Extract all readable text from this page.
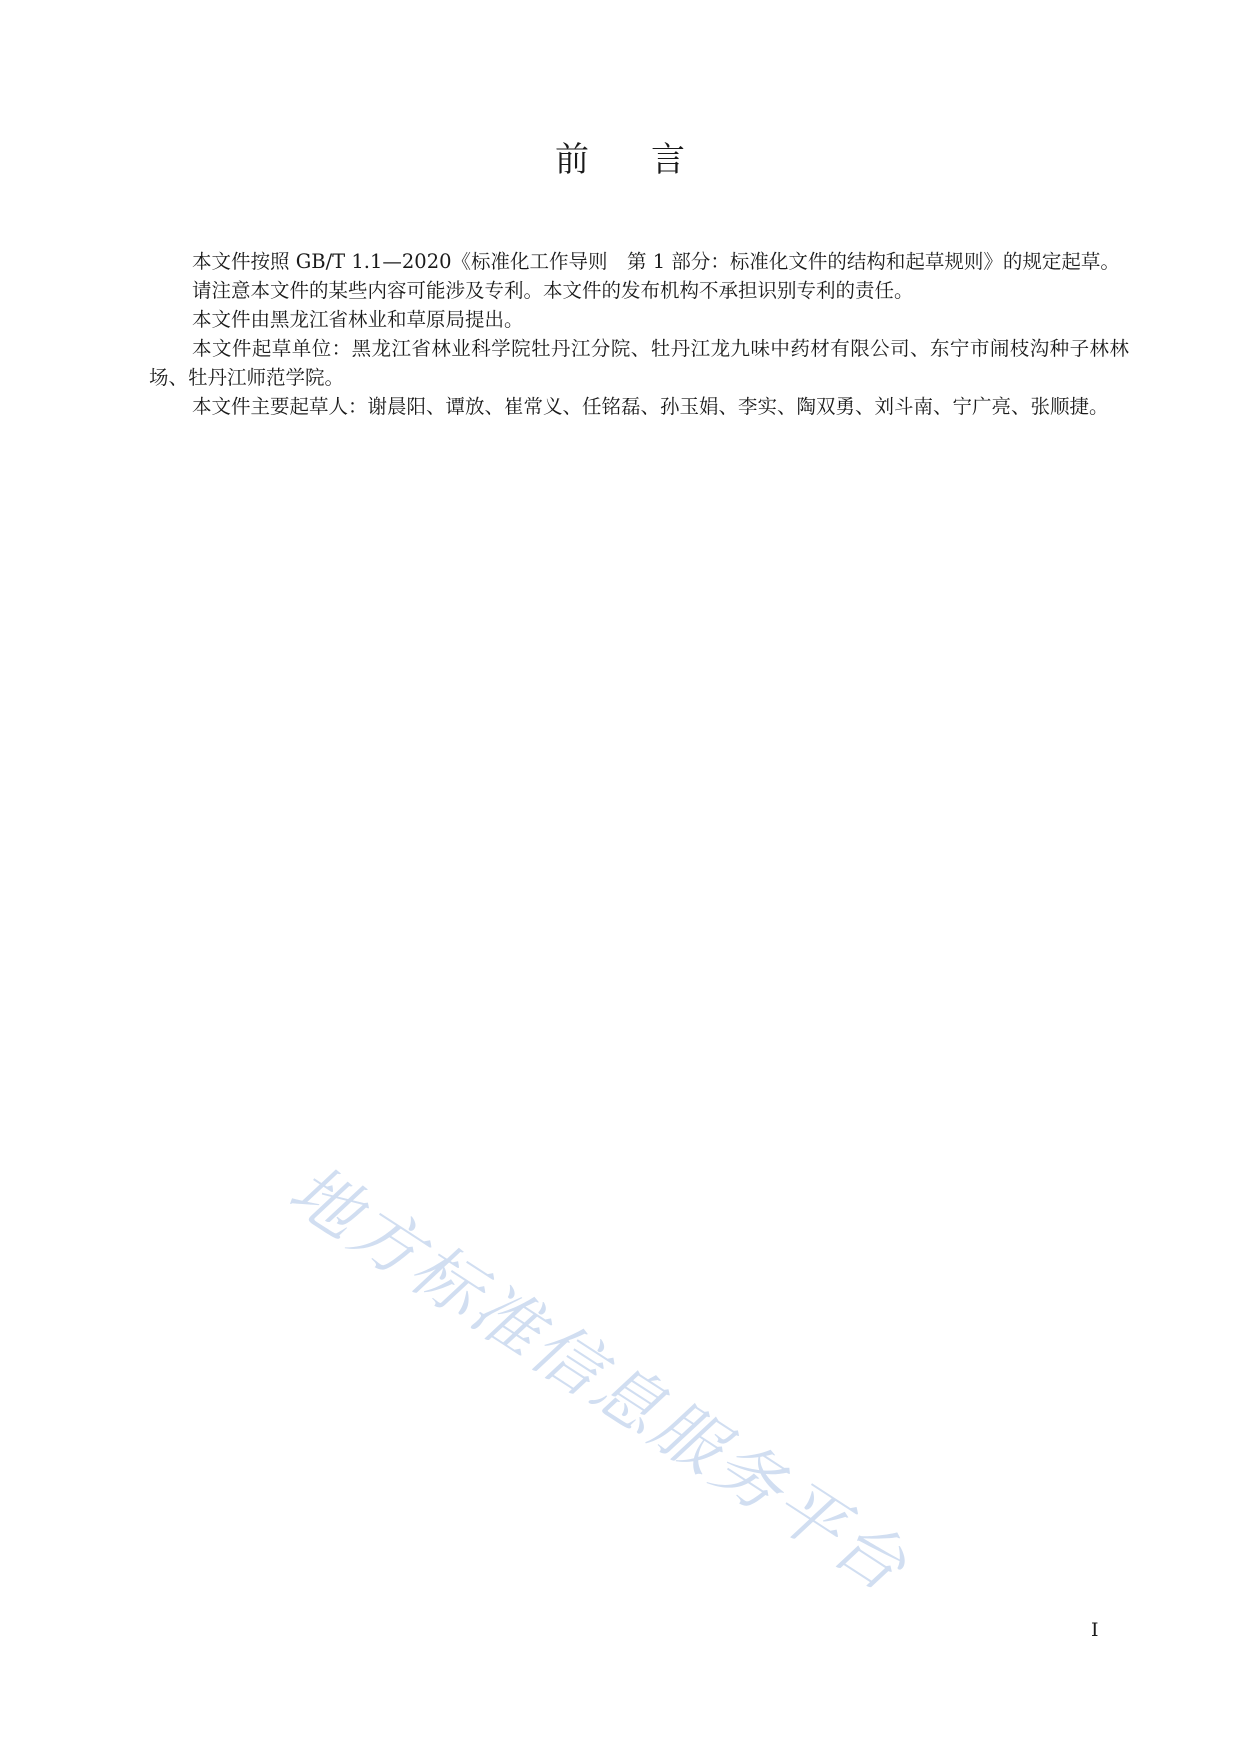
前言

本文件按照 GB/T 1.1—2020《标准化工作导则　第 1 部分：标准化文件的结构和起草规则》的规定起草。

请注意本文件的某些内容可能涉及专利。本文件的发布机构不承担识别专利的责任。

本文件由黑龙江省林业和草原局提出。

本文件起草单位：黑龙江省林业科学院牡丹江分院、牡丹江龙九味中药材有限公司、东宁市闹枝沟种子林林场、牡丹江师范学院。

本文件主要起草人：谢晨阳、谭放、崔常义、任铭磊、孙玉娟、李实、陶双勇、刘斗南、宁广亮、张顺捷。

地方标准信息服务平台
I
